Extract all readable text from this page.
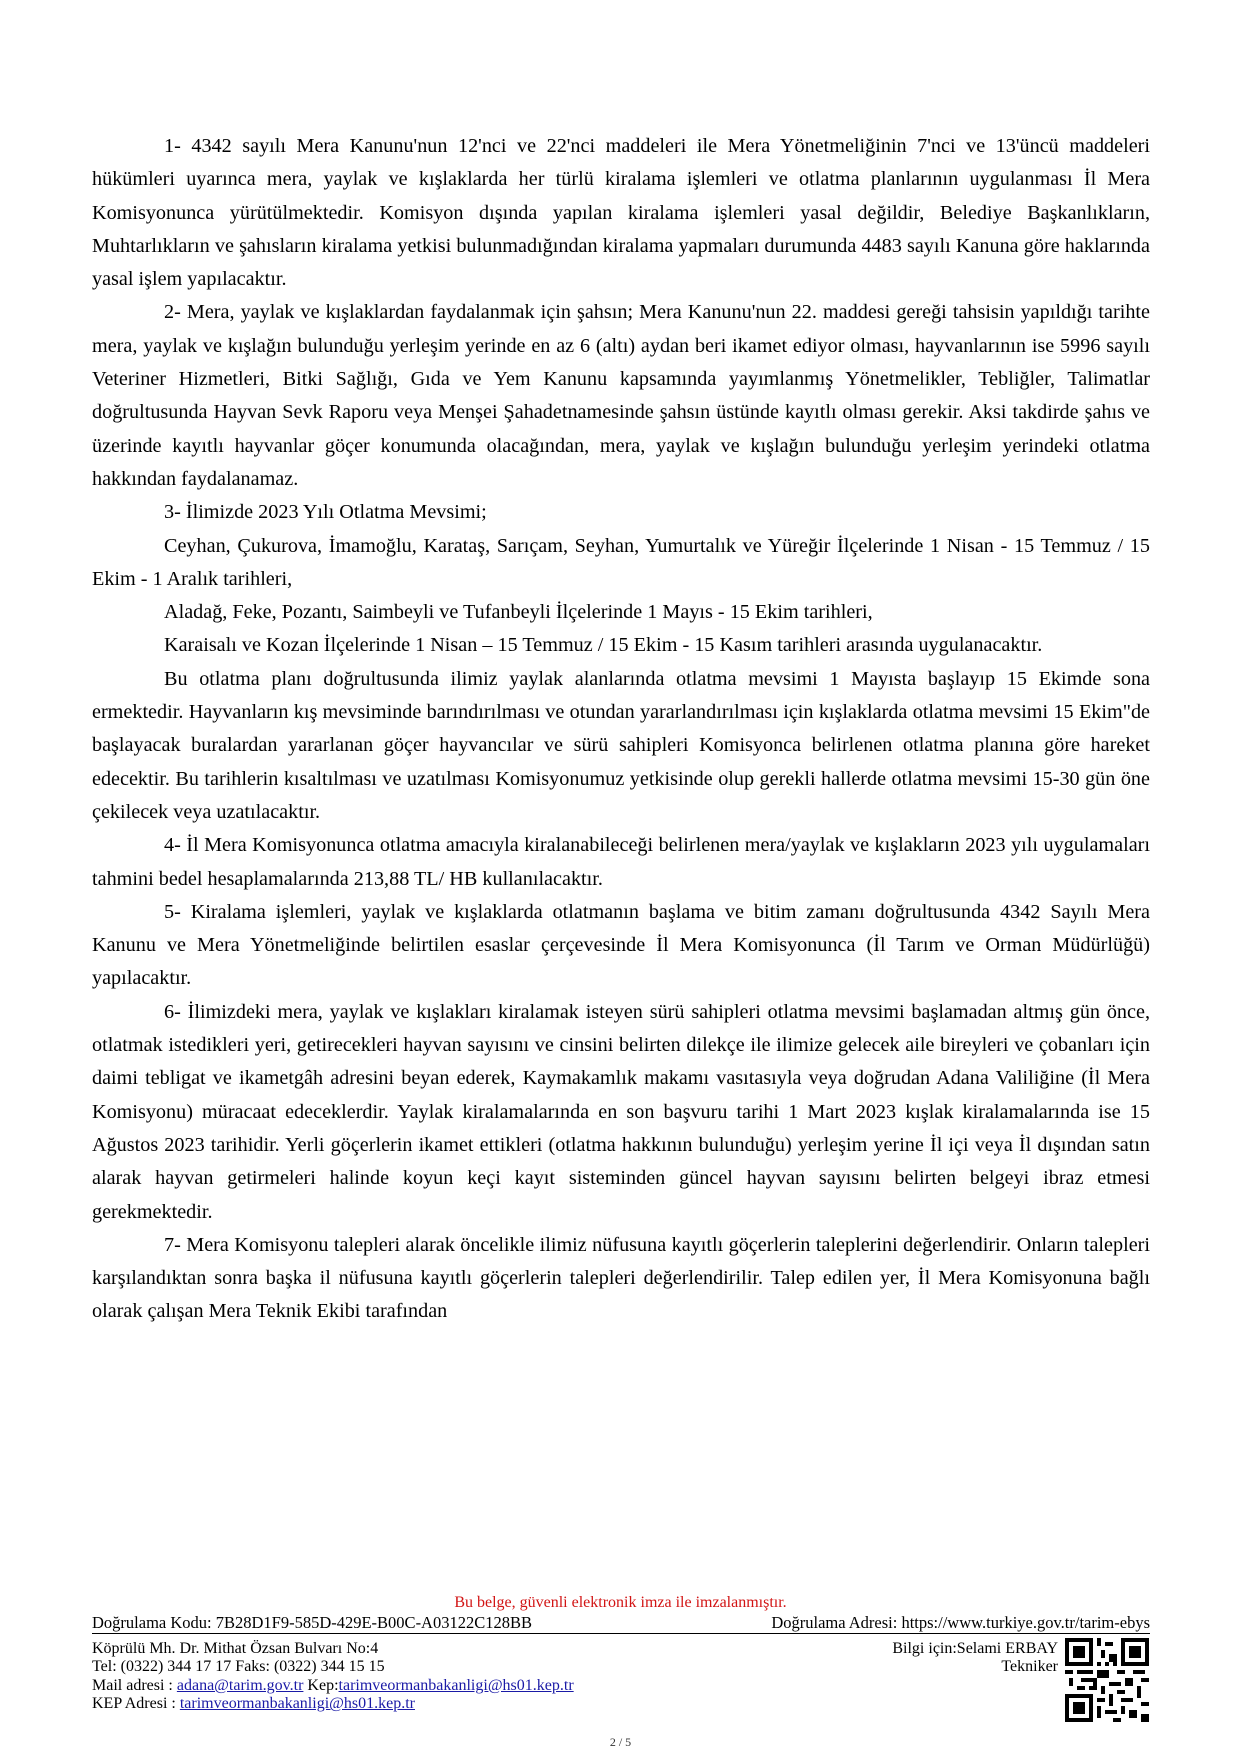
1- 4342 sayılı Mera Kanunu'nun 12'nci ve 22'nci maddeleri ile Mera Yönetmeliğinin 7'nci ve 13'üncü maddeleri hükümleri uyarınca mera, yaylak ve kışlaklarda her türlü kiralama işlemleri ve otlatma planlarının uygulanması İl Mera Komisyonunca yürütülmektedir. Komisyon dışında yapılan kiralama işlemleri yasal değildir, Belediye Başkanlıkların, Muhtarlıkların ve şahısların kiralama yetkisi bulunmadığından kiralama yapmaları durumunda 4483 sayılı Kanuna göre haklarında yasal işlem yapılacaktır.

2- Mera, yaylak ve kışlaklardan faydalanmak için şahsın; Mera Kanunu'nun 22. maddesi gereği tahsisin yapıldığı tarihte mera, yaylak ve kışlağın bulunduğu yerleşim yerinde en az 6 (altı) aydan beri ikamet ediyor olması, hayvanlarının ise 5996 sayılı Veteriner Hizmetleri, Bitki Sağlığı, Gıda ve Yem Kanunu kapsamında yayımlanmış Yönetmelikler, Tebliğler, Talimatlar doğrultusunda Hayvan Sevk Raporu veya Menşei Şahadetnamesinde şahsın üstünde kayıtlı olması gerekir. Aksi takdirde şahıs ve üzerinde kayıtlı hayvanlar göçer konumunda olacağından, mera, yaylak ve kışlağın bulunduğu yerleşim yerindeki otlatma hakkından faydalanamaz.

3- İlimizde 2023 Yılı Otlatma Mevsimi;

Ceyhan, Çukurova, İmamoğlu, Karataş, Sarıçam, Seyhan, Yumurtalık ve Yüreğir İlçelerinde 1 Nisan - 15 Temmuz / 15 Ekim - 1 Aralık tarihleri,

Aladağ, Feke, Pozantı, Saimbeyli ve Tufanbeyli İlçelerinde 1 Mayıs - 15 Ekim tarihleri,

Karaisalı ve Kozan İlçelerinde 1 Nisan – 15 Temmuz / 15 Ekim - 15 Kasım tarihleri arasında uygulanacaktır.

Bu otlatma planı doğrultusunda ilimiz yaylak alanlarında otlatma mevsimi 1 Mayısta başlayıp 15 Ekimde sona ermektedir. Hayvanların kış mevsiminde barındırılması ve otundan yararlandırılması için kışlaklarda otlatma mevsimi 15 Ekim"de başlayacak buralardan yararlanan göçer hayvancılar ve sürü sahipleri Komisyonca belirlenen otlatma planına göre hareket edecektir. Bu tarihlerin kısaltılması ve uzatılması Komisyonumuz yetkisinde olup gerekli hallerde otlatma mevsimi 15-30 gün öne çekilecek veya uzatılacaktır.

4- İl Mera Komisyonunca otlatma amacıyla kiralanabileceği belirlenen mera/yaylak ve kışlakların 2023 yılı uygulamaları tahmini bedel hesaplamalarında 213,88 TL/ HB kullanılacaktır.

5- Kiralama işlemleri, yaylak ve kışlaklarda otlatmanın başlama ve bitim zamanı doğrultusunda 4342 Sayılı Mera Kanunu ve Mera Yönetmeliğinde belirtilen esaslar çerçevesinde İl Mera Komisyonunca (İl Tarım ve Orman Müdürlüğü) yapılacaktır.

6- İlimizdeki mera, yaylak ve kışlakları kiralamak isteyen sürü sahipleri otlatma mevsimi başlamadan altmış gün önce, otlatmak istedikleri yeri, getirecekleri hayvan sayısını ve cinsini belirten dilekçe ile ilimize gelecek aile bireyleri ve çobanları için daimi tebligat ve ikametgâh adresini beyan ederek, Kaymakamlık makamı vasıtasıyla veya doğrudan Adana Valiliğine (İl Mera Komisyonu) müracaat edeceklerdir. Yaylak kiralamalarında en son başvuru tarihi 1 Mart 2023 kışlak kiralamalarında ise 15 Ağustos 2023 tarihidir. Yerli göçerlerin ikamet ettikleri (otlatma hakkının bulunduğu) yerleşim yerine İl içi veya İl dışından satın alarak hayvan getirmeleri halinde koyun keçi kayıt sisteminden güncel hayvan sayısını belirten belgeyi ibraz etmesi gerekmektedir.

7- Mera Komisyonu talepleri alarak öncelikle ilimiz nüfusuna kayıtlı göçerlerin taleplerini değerlendirir. Onların talepleri karşılandıktan sonra başka il nüfusuna kayıtlı göçerlerin talepleri değerlendirilir. Talep edilen yer, İl Mera Komisyonuna bağlı olarak çalışan Mera Teknik Ekibi tarafından

Bu belge, güvenli elektronik imza ile imzalanmıştır.
Doğrulama Kodu: 7B28D1F9-585D-429E-B00C-A03122C128BB	Doğrulama Adresi: https://www.turkiye.gov.tr/tarim-ebys
Köprülü Mh. Dr. Mithat Özsan Bulvarı No:4
Tel: (0322) 344 17 17 Faks: (0322) 344 15 15
Mail adresi : adana@tarim.gov.tr Kep:tarimveormanbakanligi@hs01.kep.tr
KEP Adresi : tarimveormanbakanligi@hs01.kep.tr
Bilgi için:Selami ERBAY
Tekniker
2 / 5
